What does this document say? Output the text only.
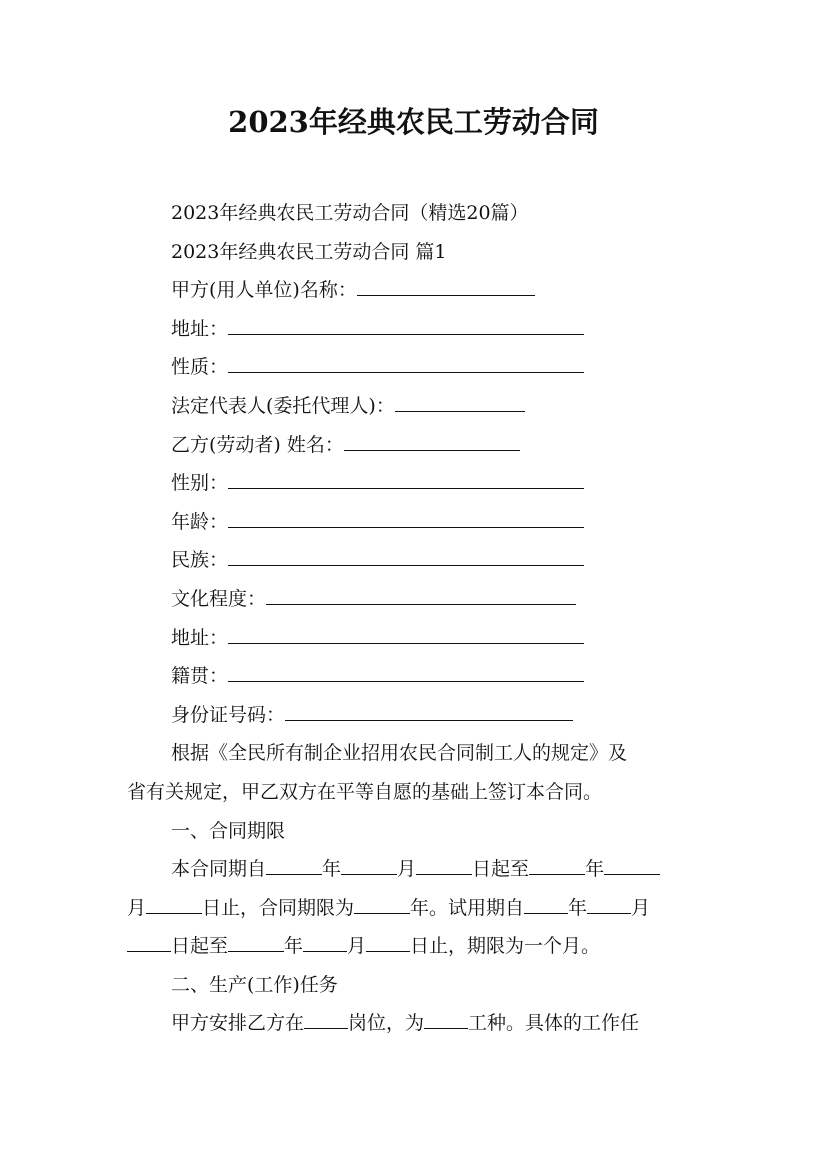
2023年经典农民工劳动合同
2023年经典农民工劳动合同（精选20篇）
2023年经典农民工劳动合同 篇1
甲方(用人单位)名称：
地址：
性质：
法定代表人(委托代理人)：
乙方(劳动者) 姓名：
性别：
年龄：
民族：
文化程度：
地址：
籍贯：
身份证号码：
根据《全民所有制企业招用农民合同制工人的规定》及
省有关规定，甲乙双方在平等自愿的基础上签订本合同。
一、合同期限
本合同期自	年	月	日起至	年
月	日止，合同期限为	年。试用期自 年 月
日起至	年 月 日止，期限为一个月。
二、生产(工作)任务
甲方安排乙方在 岗位，为 工种。具体的工作任
